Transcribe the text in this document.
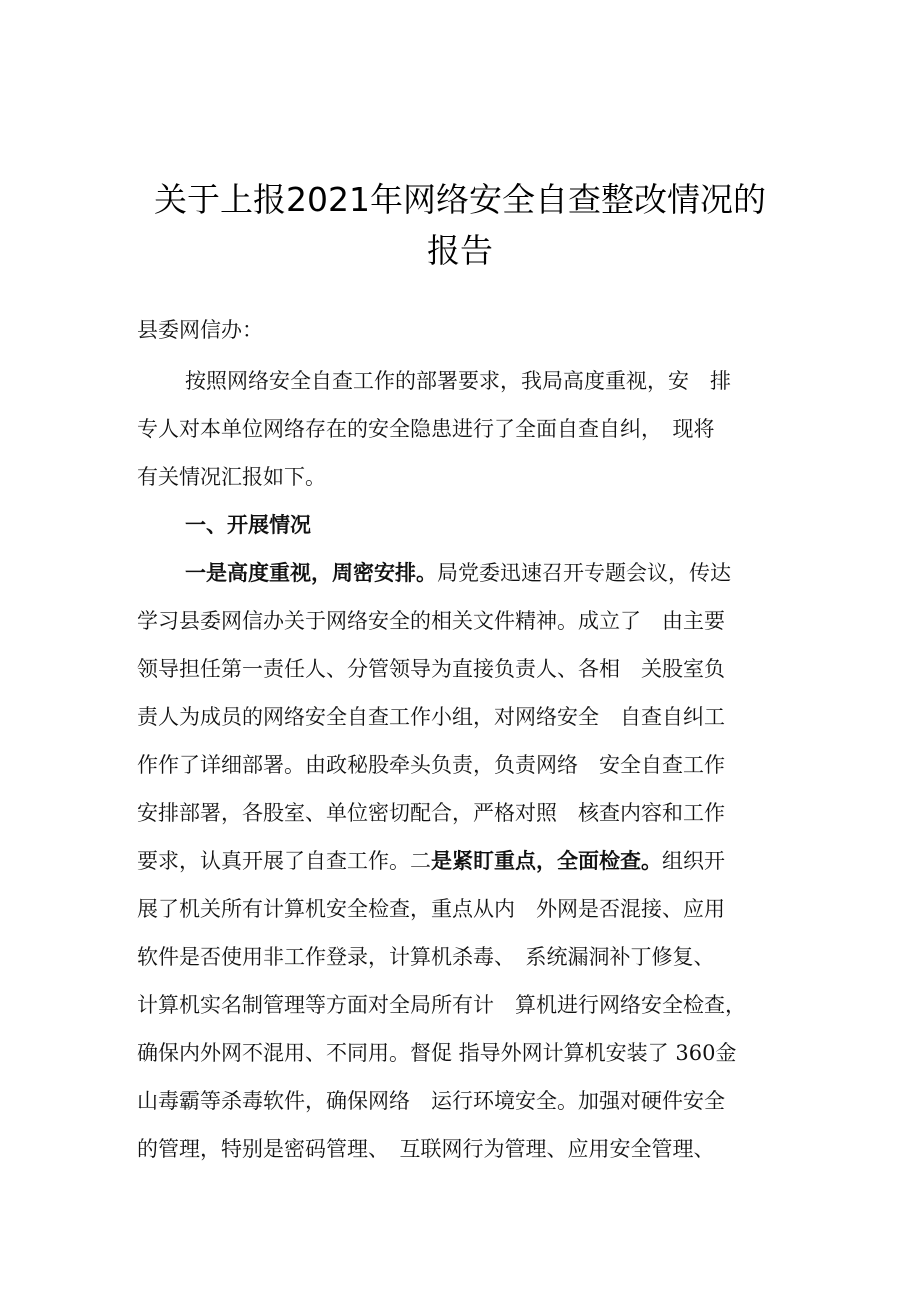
关于上报2021年网络安全自查整改情况的
报告
县委网信办：
按照网络安全自查工作的部署要求，我局高度重视，安　排
专人对本单位网络存在的安全隐患进行了全面自查自纠，　现将
有关情况汇报如下。
一、开展情况
一是高度重视，周密安排。局党委迅速召开专题会议，传达
学习县委网信办关于网络安全的相关文件精神。成立了　由主要
领导担任第一责任人、分管领导为直接负责人、各相　关股室负
责人为成员的网络安全自查工作小组，对网络安全　自查自纠工
作作了详细部署。由政秘股牵头负责，负责网络　安全自查工作
安排部署，各股室、单位密切配合，严格对照　核查内容和工作
要求，认真开展了自查工作。二是紧盯重点，全面检查。组织开
展了机关所有计算机安全检查，重点从内　外网是否混接、应用
软件是否使用非工作登录，计算机杀毒、　系统漏洞补丁修复、
计算机实名制管理等方面对全局所有计　算机进行网络安全检查，
确保内外网不混用、不同用。督促 指导外网计算机安装了 360金
山毒霸等杀毒软件，确保网络　运行环境安全。加强对硬件安全
的管理，特别是密码管理、　互联网行为管理、应用安全管理、
